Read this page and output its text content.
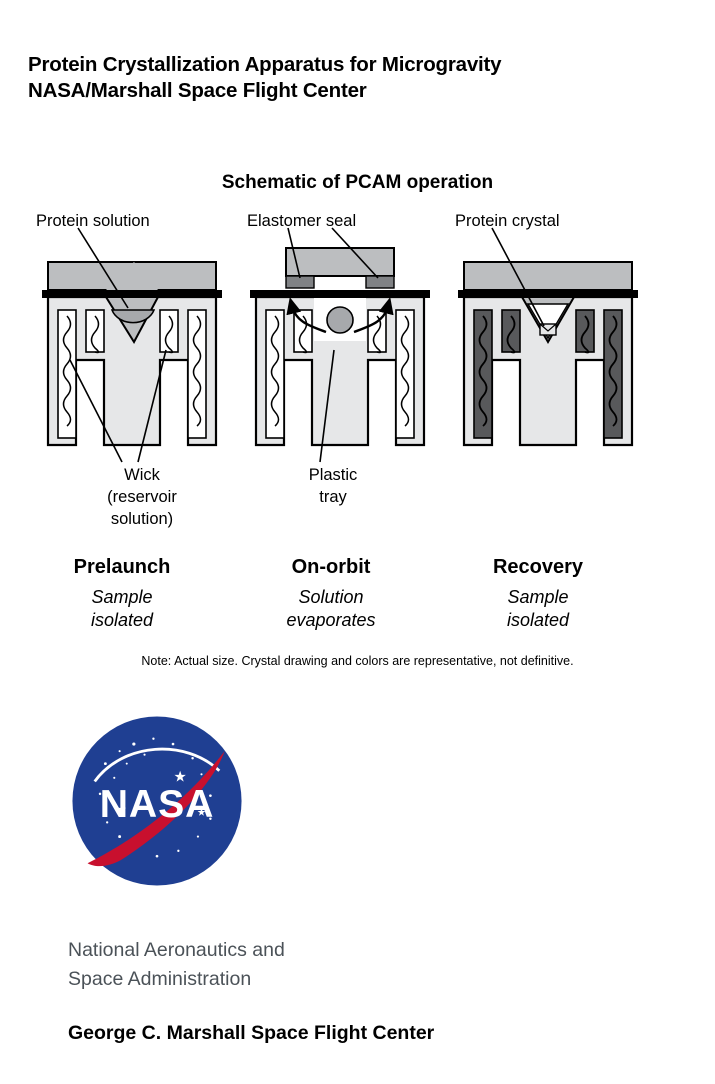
Protein Crystallization Apparatus for Microgravity
NASA/Marshall Space Flight Center
Schematic of PCAM operation
Protein solution	Elastomer seal	Protein crystal
Wick
(reservoir
solution)
Plastic
tray
Prelaunch
Sample
isolated
On-orbit
Solution
evaporates
Recovery
Sample
isolated
Note: Actual size. Crystal drawing and colors are representative, not definitive.
NASA
National Aeronautics and
Space Administration
George C. Marshall Space Flight Center
